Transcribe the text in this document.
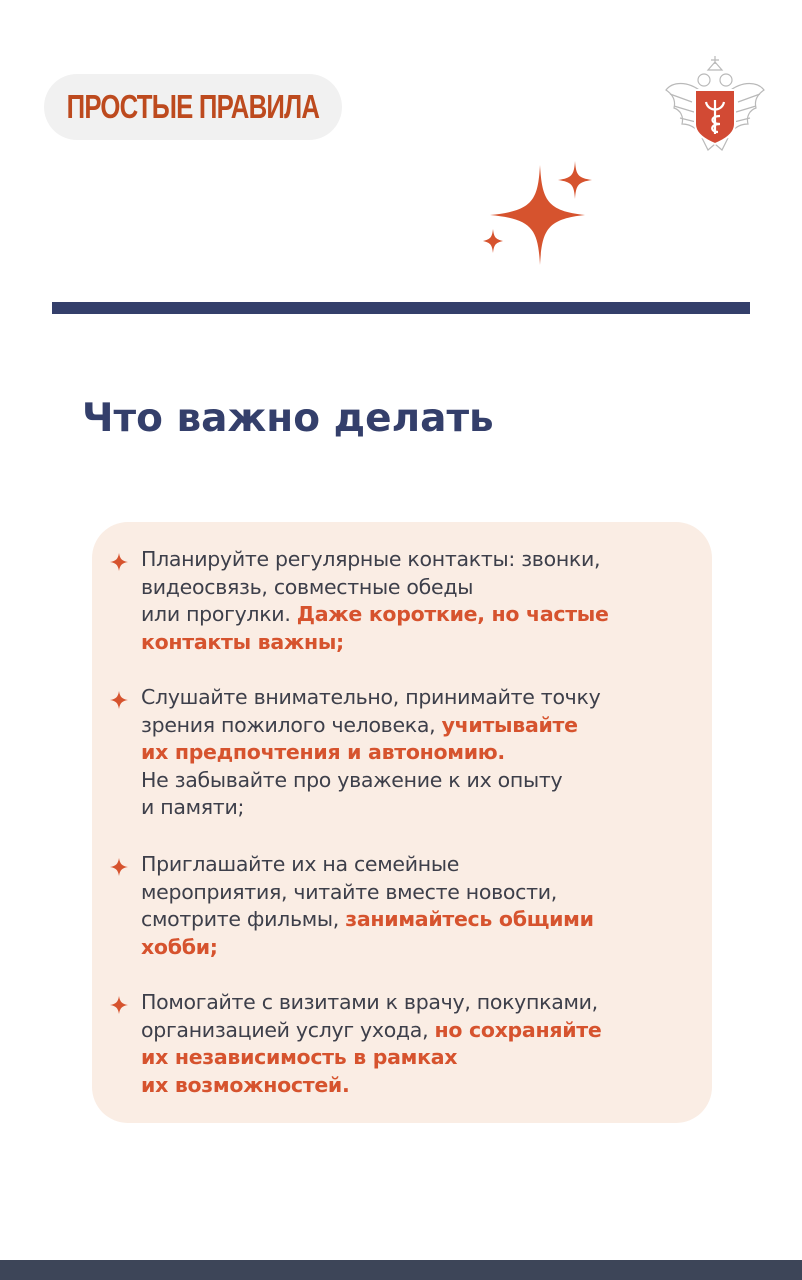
ПРОСТЫЕ ПРАВИЛА
Что важно делать
Планируйте регулярные контакты: звонки,
видеосвязь, совместные обеды
или прогулки. Даже короткие, но частые
контакты важны;
Слушайте внимательно, принимайте точку
зрения пожилого человека, учитывайте
их предпочтения и автономию.
Не забывайте про уважение к их опыту
и памяти;
Приглашайте их на семейные
мероприятия, читайте вместе новости,
смотрите фильмы, занимайтесь общими
хобби;
Помогайте с визитами к врачу, покупками,
организацией услуг ухода, но сохраняйте
их независимость в рамках
их возможностей.
